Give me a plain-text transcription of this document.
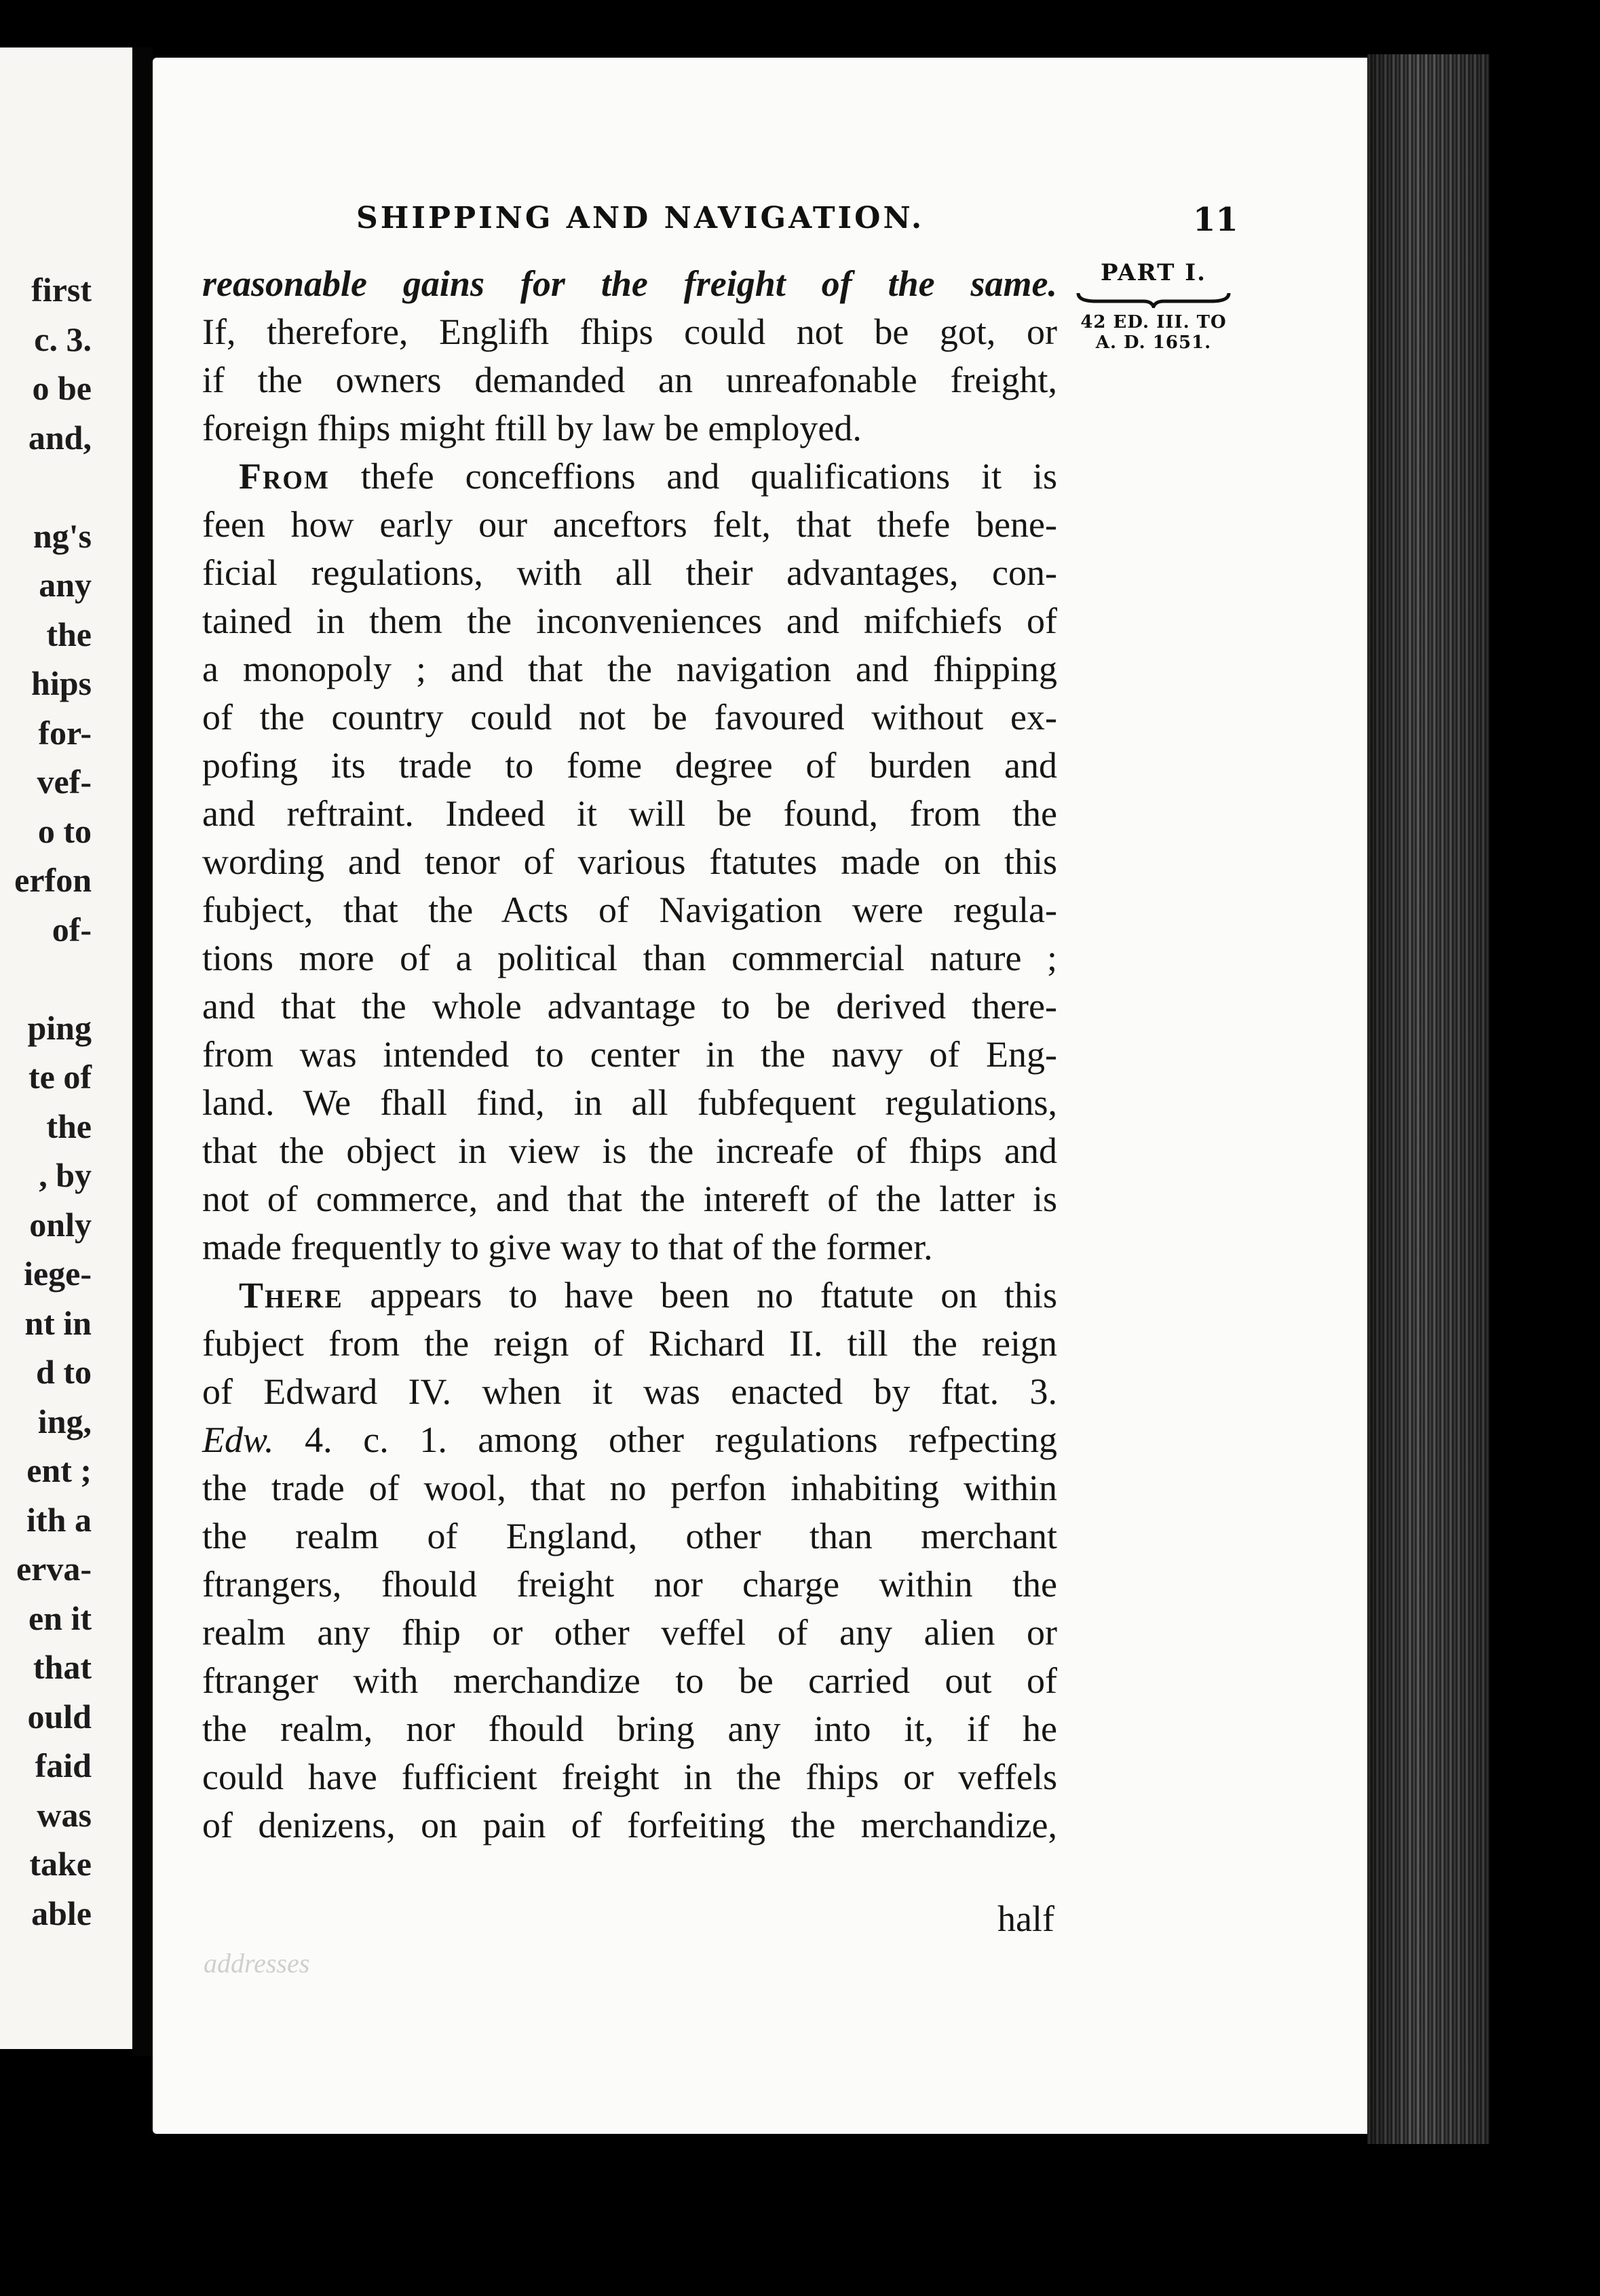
first
c. 3.
o be
and,
ng's
any
the
hips
for-
vef-
o to
erfon
of-
ping
te of
the
, by
only
iege-
nt in
d to
ing,
ent ;
ith a
erva-
en it
that
ould
faid
was
take
able
SHIPPING AND NAVIGATION.	11
PART I.
42 ED. III. TO
A. D. 1651.
reasonable gains for the freight of the same.
If, therefore, Englifh fhips could not be got, or
if the owners demanded an unreafonable freight,
foreign fhips might ftill by law be employed.
 From thefe conceffions and qualifications it is
feen how early our anceftors felt, that thefe bene-
ficial regulations, with all their advantages, con-
tained in them the inconveniences and mifchiefs of
a monopoly ; and that the navigation and fhipping
of the country could not be favoured without ex-
pofing its trade to fome degree of burden and
and reftraint. Indeed it will be found, from the
wording and tenor of various ftatutes made on this
fubject, that the Acts of Navigation were regula-
tions more of a political than commercial nature ;
and that the whole advantage to be derived there-
from was intended to center in the navy of Eng-
land. We fhall find, in all fubfequent regulations,
that the object in view is the increafe of fhips and
not of commerce, and that the intereft of the latter is
made frequently to give way to that of the former.
 There appears to have been no ftatute on this
fubject from the reign of Richard II. till the reign
of Edward IV. when it was enacted by ftat. 3.
Edw. 4. c. 1. among other regulations refpecting
the trade of wool, that no perfon inhabiting within
the realm of England, other than merchant
ftrangers, fhould freight nor charge within the
realm any fhip or other veffel of any alien or
ftranger with merchandize to be carried out of
the realm, nor fhould bring any into it, if he
could have fufficient freight in the fhips or veffels
of denizens, on pain of forfeiting the merchandize,
half
addresses
